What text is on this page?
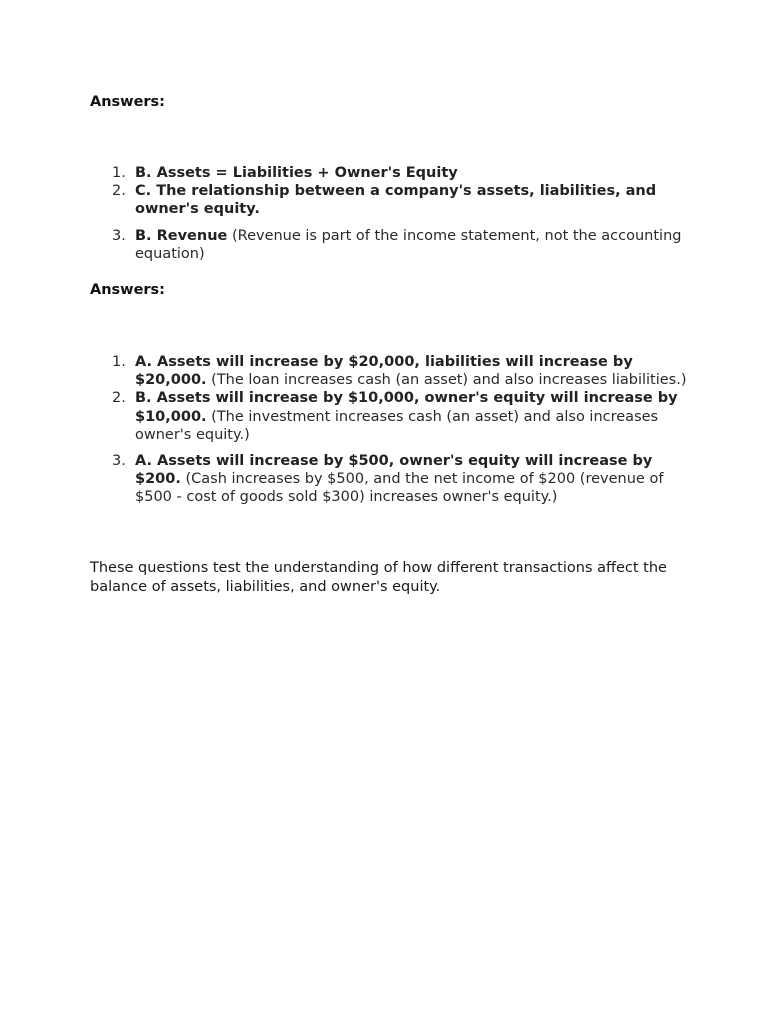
Answers:

1. B. Assets = Liabilities + Owner's Equity
2. C. The relationship between a company's assets, liabilities, and owner's equity.
3. B. Revenue (Revenue is part of the income statement, not the accounting equation)

Answers:

1. A. Assets will increase by $20,000, liabilities will increase by $20,000. (The loan increases cash (an asset) and also increases liabilities.)
2. B. Assets will increase by $10,000, owner's equity will increase by $10,000. (The investment increases cash (an asset) and also increases owner's equity.)
3. A. Assets will increase by $500, owner's equity will increase by $200. (Cash increases by $500, and the net income of $200 (revenue of $500 - cost of goods sold $300) increases owner's equity.)

These questions test the understanding of how different transactions affect the balance of assets, liabilities, and owner's equity.
